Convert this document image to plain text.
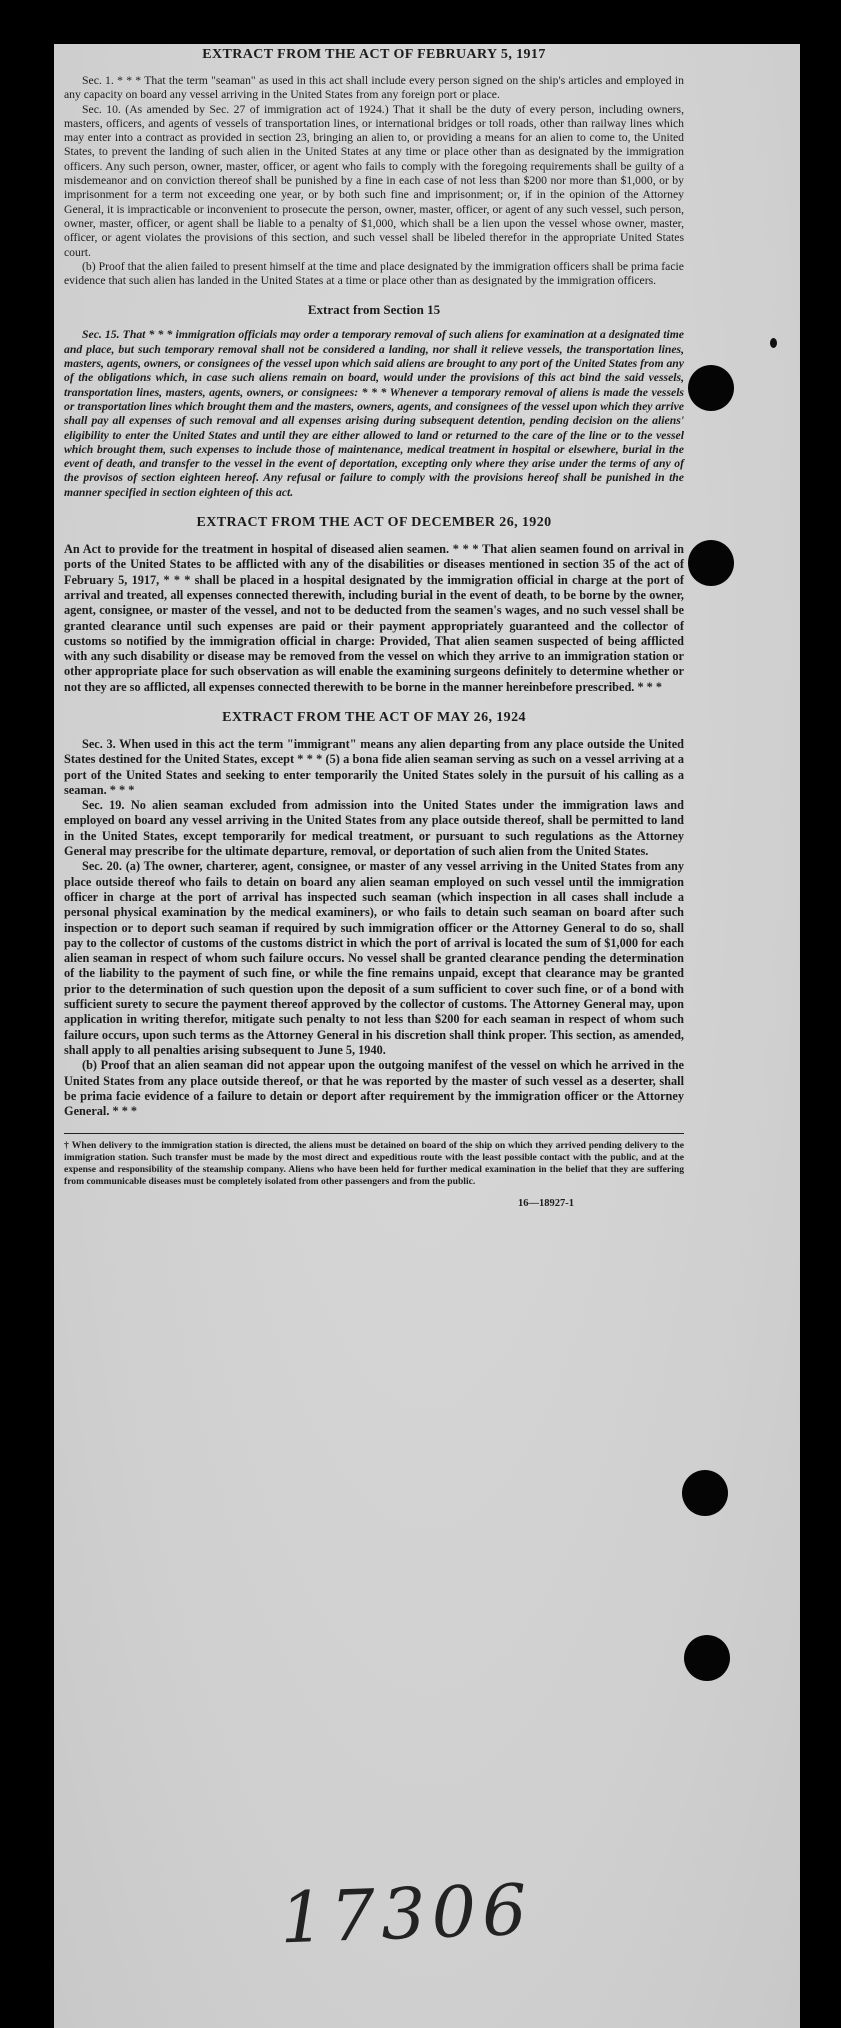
EXTRACT FROM THE ACT OF FEBRUARY 5, 1917

Sec. 1. * * * That the term "seaman" as used in this act shall include every person signed on the ship's articles and employed in any capacity on board any vessel arriving in the United States from any foreign port or place.

Sec. 10. (As amended by Sec. 27 of immigration act of 1924.) That it shall be the duty of every person, including owners, masters, officers, and agents of vessels of transportation lines, or international bridges or toll roads, other than railway lines which may enter into a contract as provided in section 23, bringing an alien to, or providing a means for an alien to come to, the United States, to prevent the landing of such alien in the United States at any time or place other than as designated by the immigration officers. Any such person, owner, master, officer, or agent who fails to comply with the foregoing requirements shall be guilty of a misdemeanor and on conviction thereof shall be punished by a fine in each case of not less than $200 nor more than $1,000, or by imprisonment for a term not exceeding one year, or by both such fine and imprisonment; or, if in the opinion of the Attorney General, it is impracticable or inconvenient to prosecute the person, owner, master, officer, or agent of any such vessel, such person, owner, master, officer, or agent shall be liable to a penalty of $1,000, which shall be a lien upon the vessel whose owner, master, officer, or agent violates the provisions of this section, and such vessel shall be libeled therefor in the appropriate United States court.

(b) Proof that the alien failed to present himself at the time and place designated by the immigration officers shall be prima facie evidence that such alien has landed in the United States at a time or place other than as designated by the immigration officers.

Extract from Section 15

Sec. 15. That * * * immigration officials may order a temporary removal of such aliens for examination at a designated time and place, but such temporary removal shall not be considered a landing, nor shall it relieve vessels, the transportation lines, masters, agents, owners, or consignees of the vessel upon which said aliens are brought to any port of the United States from any of the obligations which, in case such aliens remain on board, would under the provisions of this act bind the said vessels, transportation lines, masters, agents, owners, or consignees: * * * Whenever a temporary removal of aliens is made the vessels or transportation lines which brought them and the masters, owners, agents, and consignees of the vessel upon which they arrive shall pay all expenses of such removal and all expenses arising during subsequent detention, pending decision on the aliens' eligibility to enter the United States and until they are either allowed to land or returned to the care of the line or to the vessel which brought them, such expenses to include those of maintenance, medical treatment in hospital or elsewhere, burial in the event of death, and transfer to the vessel in the event of deportation, excepting only where they arise under the terms of any of the provisos of section eighteen hereof. Any refusal or failure to comply with the provisions hereof shall be punished in the manner specified in section eighteen of this act.

EXTRACT FROM THE ACT OF DECEMBER 26, 1920

An Act to provide for the treatment in hospital of diseased alien seamen. * * * That alien seamen found on arrival in ports of the United States to be afflicted with any of the disabilities or diseases mentioned in section 35 of the act of February 5, 1917, * * * shall be placed in a hospital designated by the immigration official in charge at the port of arrival and treated, all expenses connected therewith, including burial in the event of death, to be borne by the owner, agent, consignee, or master of the vessel, and not to be deducted from the seamen's wages, and no such vessel shall be granted clearance until such expenses are paid or their payment appropriately guaranteed and the collector of customs so notified by the immigration official in charge: Provided, That alien seamen suspected of being afflicted with any such disability or disease may be removed from the vessel on which they arrive to an immigration station or other appropriate place for such observation as will enable the examining surgeons definitely to determine whether or not they are so afflicted, all expenses connected therewith to be borne in the manner hereinbefore prescribed. * * *

EXTRACT FROM THE ACT OF MAY 26, 1924

Sec. 3. When used in this act the term "immigrant" means any alien departing from any place outside the United States destined for the United States, except * * * (5) a bona fide alien seaman serving as such on a vessel arriving at a port of the United States and seeking to enter temporarily the United States solely in the pursuit of his calling as a seaman. * * *

Sec. 19. No alien seaman excluded from admission into the United States under the immigration laws and employed on board any vessel arriving in the United States from any place outside thereof, shall be permitted to land in the United States, except temporarily for medical treatment, or pursuant to such regulations as the Attorney General may prescribe for the ultimate departure, removal, or deportation of such alien from the United States.

Sec. 20. (a) The owner, charterer, agent, consignee, or master of any vessel arriving in the United States from any place outside thereof who fails to detain on board any alien seaman employed on such vessel until the immigration officer in charge at the port of arrival has inspected such seaman (which inspection in all cases shall include a personal physical examination by the medical examiners), or who fails to detain such seaman on board after such inspection or to deport such seaman if required by such immigration officer or the Attorney General to do so, shall pay to the collector of customs of the customs district in which the port of arrival is located the sum of $1,000 for each alien seaman in respect of whom such failure occurs. No vessel shall be granted clearance pending the determination of the liability to the payment of such fine, or while the fine remains unpaid, except that clearance may be granted prior to the determination of such question upon the deposit of a sum sufficient to cover such fine, or of a bond with sufficient surety to secure the payment thereof approved by the collector of customs. The Attorney General may, upon application in writing therefor, mitigate such penalty to not less than $200 for each seaman in respect of whom such failure occurs, upon such terms as the Attorney General in his discretion shall think proper. This section, as amended, shall apply to all penalties arising subsequent to June 5, 1940.

(b) Proof that an alien seaman did not appear upon the outgoing manifest of the vessel on which he arrived in the United States from any place outside thereof, or that he was reported by the master of such vessel as a deserter, shall be prima facie evidence of a failure to detain or deport after requirement by the immigration officer or the Attorney General. * * *

† When delivery to the immigration station is directed, the aliens must be detained on board of the ship on which they arrived pending delivery to the immigration station. Such transfer must be made by the most direct and expeditious route with the least possible contact with the public, and at the expense and responsibility of the steamship company. Aliens who have been held for further medical examination in the belief that they are suffering from communicable diseases must be completely isolated from other passengers and from the public.

16—18927-1
17306
